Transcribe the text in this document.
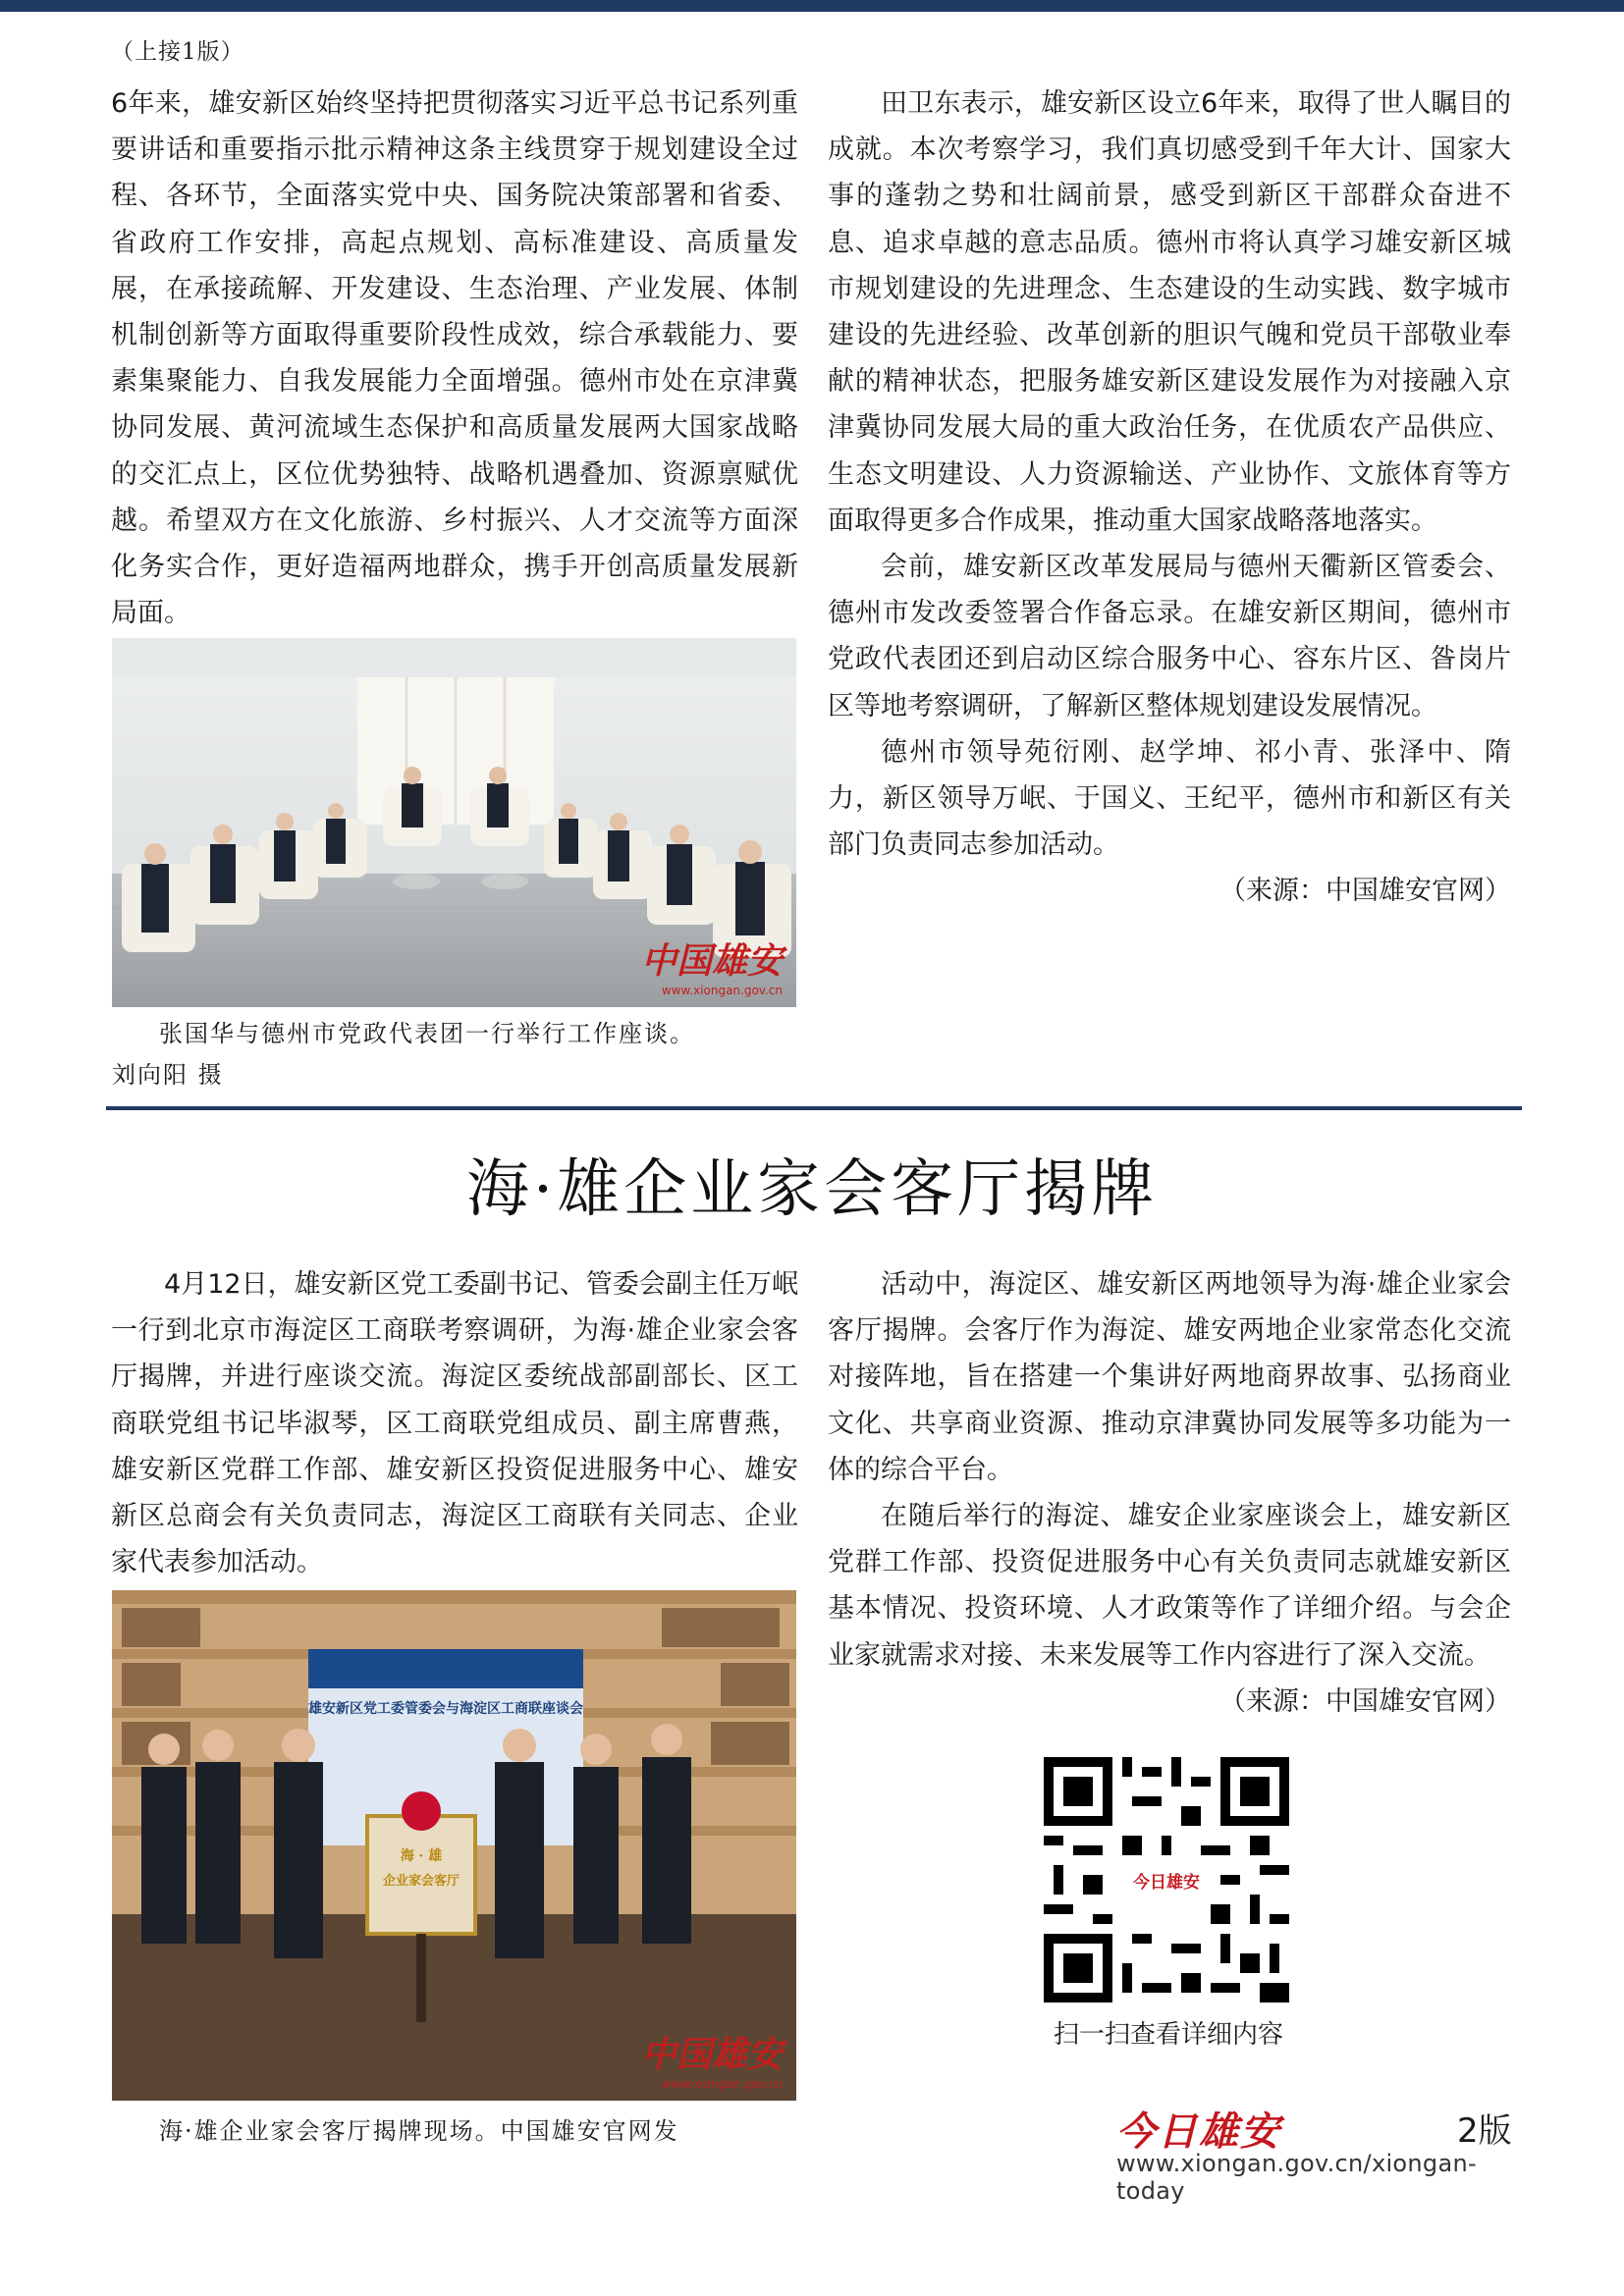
（上接1版）

6年来，雄安新区始终坚持把贯彻落实习近平总书记系列重要讲话和重要指示批示精神这条主线贯穿于规划建设全过程、各环节，全面落实党中央、国务院决策部署和省委、省政府工作安排，高起点规划、高标准建设、高质量发展，在承接疏解、开发建设、生态治理、产业发展、体制机制创新等方面取得重要阶段性成效，综合承载能力、要素集聚能力、自我发展能力全面增强。德州市处在京津冀协同发展、黄河流域生态保护和高质量发展两大国家战略的交汇点上，区位优势独特、战略机遇叠加、资源禀赋优越。希望双方在文化旅游、乡村振兴、人才交流等方面深化务实合作，更好造福两地群众，携手开创高质量发展新局面。

中国雄安
www.xiongan.gov.cn
张国华与德州市党政代表团一行举行工作座谈。
刘向阳 摄

田卫东表示，雄安新区设立6年来，取得了世人瞩目的成就。本次考察学习，我们真切感受到千年大计、国家大事的蓬勃之势和壮阔前景，感受到新区干部群众奋进不息、追求卓越的意志品质。德州市将认真学习雄安新区城市规划建设的先进理念、生态建设的生动实践、数字城市建设的先进经验、改革创新的胆识气魄和党员干部敬业奉献的精神状态，把服务雄安新区建设发展作为对接融入京津冀协同发展大局的重大政治任务，在优质农产品供应、生态文明建设、人力资源输送、产业协作、文旅体育等方面取得更多合作成果，推动重大国家战略落地落实。

会前，雄安新区改革发展局与德州天衢新区管委会、德州市发改委签署合作备忘录。在雄安新区期间，德州市党政代表团还到启动区综合服务中心、容东片区、昝岗片区等地考察调研，了解新区整体规划建设发展情况。

德州市领导苑衍刚、赵学坤、祁小青、张泽中、隋力，新区领导万岷、于国义、王纪平，德州市和新区有关部门负责同志参加活动。

（来源：中国雄安官网）

海·雄企业家会客厅揭牌

4月12日，雄安新区党工委副书记、管委会副主任万岷一行到北京市海淀区工商联考察调研，为海·雄企业家会客厅揭牌，并进行座谈交流。海淀区委统战部副部长、区工商联党组书记毕淑琴，区工商联党组成员、副主席曹燕，雄安新区党群工作部、雄安新区投资促进服务中心、雄安新区总商会有关负责同志，海淀区工商联有关同志、企业家代表参加活动。

雄安新区党工委管委会与海淀区工商联座谈会
海 · 雄
企业家会客厅
中国雄安
www.xiongan.gov.cn
海·雄企业家会客厅揭牌现场。中国雄安官网发

活动中，海淀区、雄安新区两地领导为海·雄企业家会客厅揭牌。会客厅作为海淀、雄安两地企业家常态化交流对接阵地，旨在搭建一个集讲好两地商界故事、弘扬商业文化、共享商业资源、推动京津冀协同发展等多功能为一体的综合平台。

在随后举行的海淀、雄安企业家座谈会上，雄安新区党群工作部、投资促进服务中心有关负责同志就雄安新区基本情况、投资环境、人才政策等作了详细介绍。与会企业家就需求对接、未来发展等工作内容进行了深入交流。

（来源：中国雄安官网）

今日雄安
扫一扫查看详细内容
今日雄安	2版
www.xiongan.gov.cn/xiongan-today
